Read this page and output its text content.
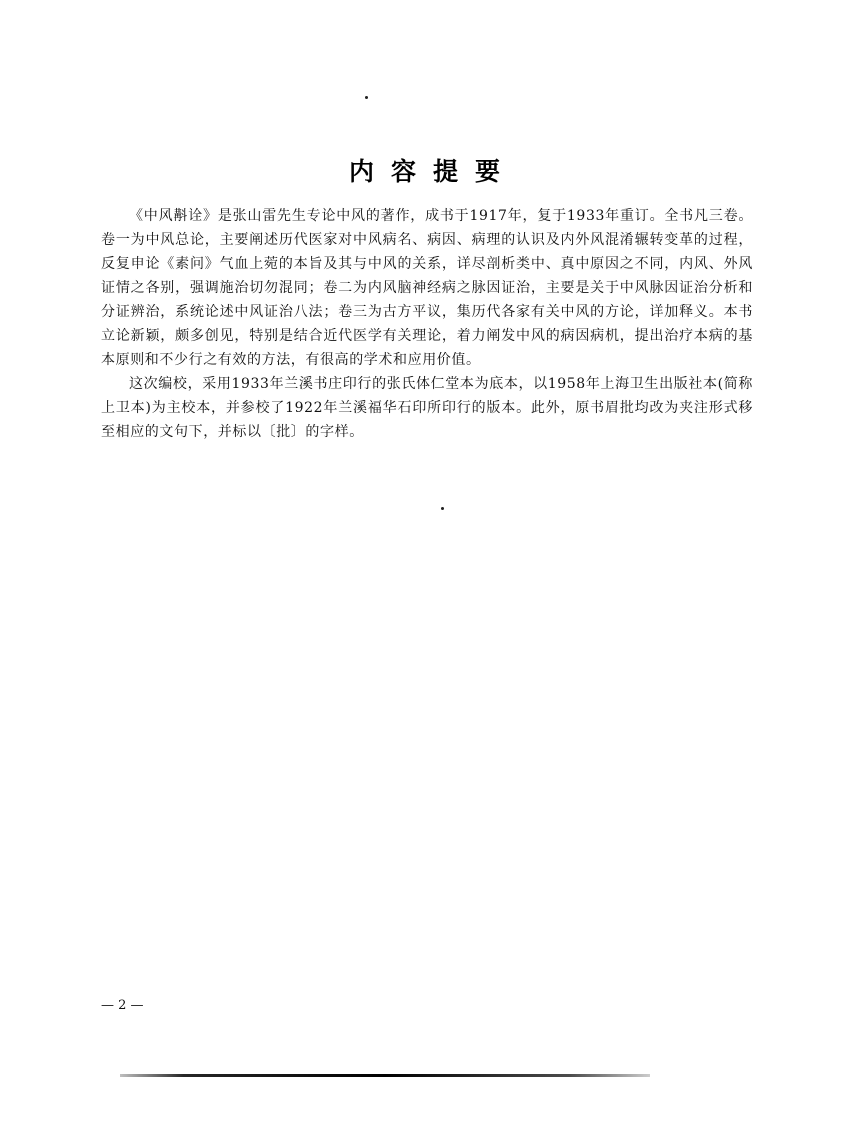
内容提要

《中风斠诠》是张山雷先生专论中风的著作，成书于1917年，复于1933年重订。全书凡三卷。卷一为中风总论，主要阐述历代医家对中风病名、病因、病理的认识及内外风混淆辗转变革的过程，反复申论《素问》气血上菀的本旨及其与中风的关系，详尽剖析类中、真中原因之不同，内风、外风证情之各别，强调施治切勿混同；卷二为内风脑神经病之脉因证治，主要是关于中风脉因证治分析和分证辨治，系统论述中风证治八法；卷三为古方平议，集历代各家有关中风的方论，详加释义。本书立论新颖，颇多创见，特别是结合近代医学有关理论，着力阐发中风的病因病机，提出治疗本病的基本原则和不少行之有效的方法，有很高的学术和应用价值。

这次编校，采用1933年兰溪书庄印行的张氏体仁堂本为底本，以1958年上海卫生出版社本(简称上卫本)为主校本，并参校了1922年兰溪福华石印所印行的版本。此外，原书眉批均改为夹注形式移至相应的文句下，并标以〔批〕的字样。

— 2 —
